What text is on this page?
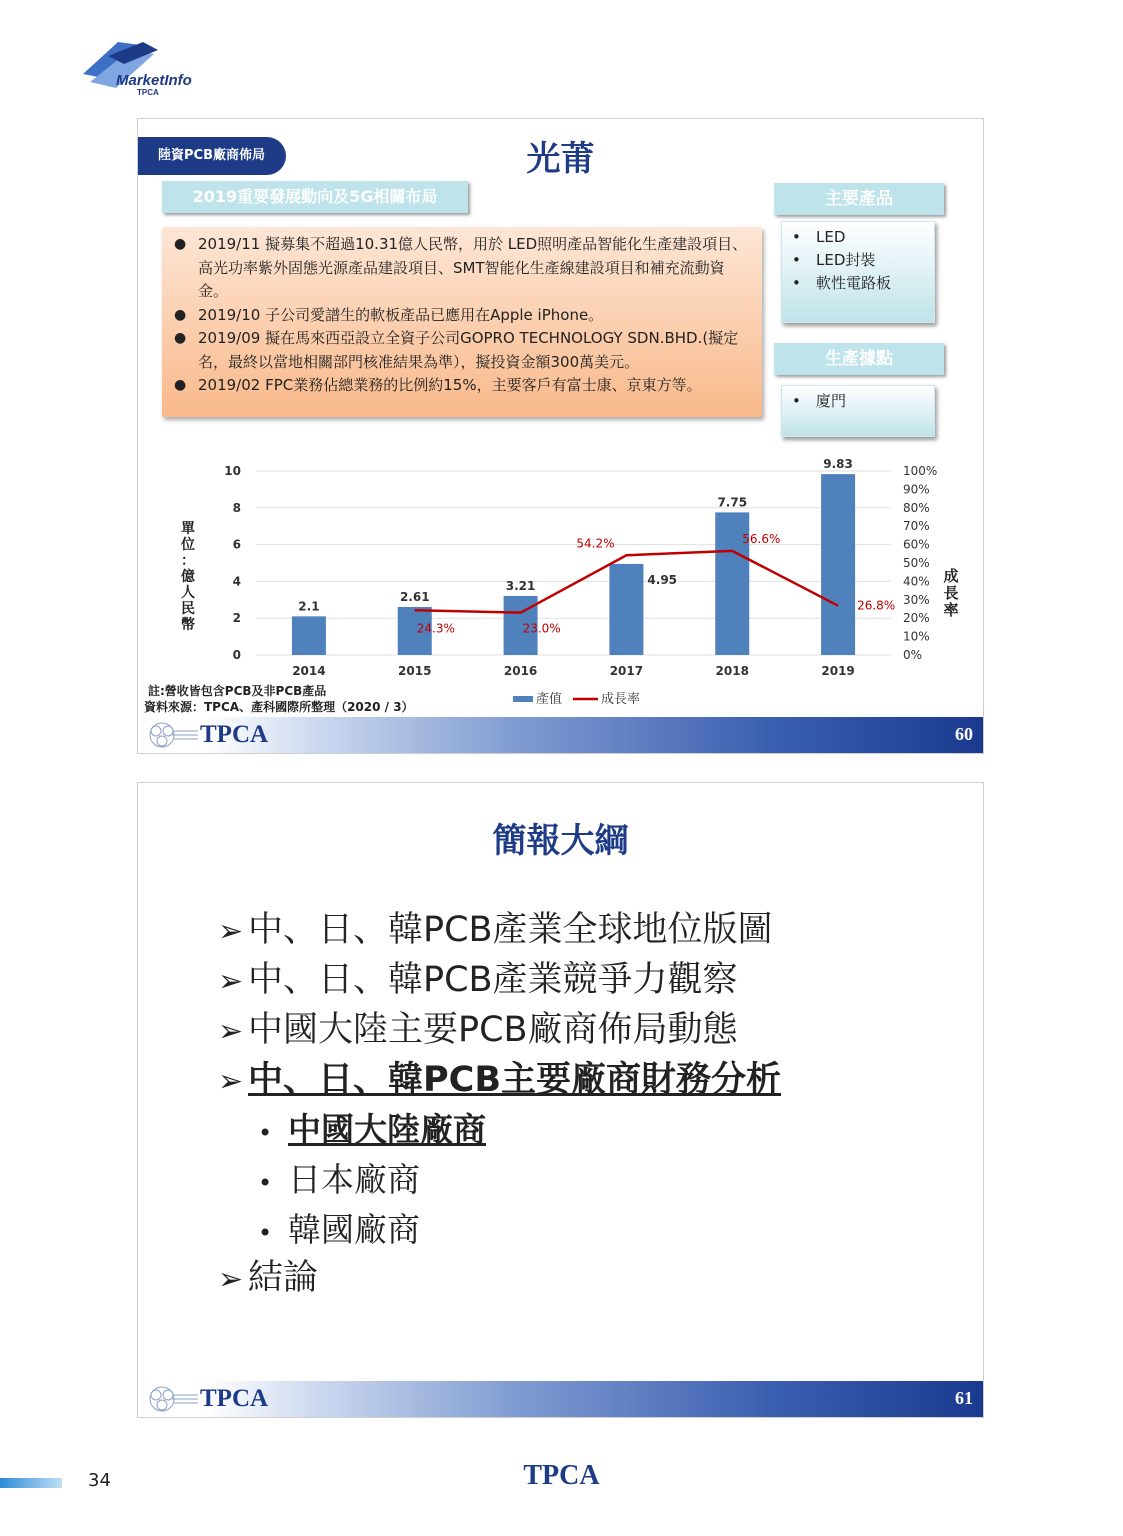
MarketInfo
TPCA
陸資PCB廠商佈局	光莆
2019重要發展動向及5G相關布局
● 2019/11 擬募集不超過10.31億人民幣，用於 LED照明產品智能化生產建設項目、高光功率紫外固態光源產品建設項目、SMT智能化生產線建設項目和補充流動資金。
● 2019/10 子公司愛譜生的軟板產品已應用在Apple iPhone。
● 2019/09 擬在馬來西亞設立全資子公司GOPRO TECHNOLOGY SDN.BHD.(擬定名，最終以當地相關部門核准結果為準），擬投資金額300萬美元。
● 2019/02 FPC業務佔總業務的比例約15%，主要客戶有富士康、京東方等。
主要產品
• LED
• LED封裝
• 軟性電路板
生產據點
• 廈門
0
2
4
6
8
10
0%
10%
20%
30%
40%
50%
60%
70%
80%
90%
100%
2.1
2.61
3.21	4.95
7.75
9.83
24.3%	23.0%
54.2%	56.6%
26.8%
2014	2015	2016	2017	2018	2019
單
位
：
億
人
民
幣
成
長
率
產值	成長率
註:營收皆包含PCB及非PCB產品
資料來源：TPCA、產科國際所整理（2020 / 3）
TPCA	60
簡報大綱
➢ 中、日、韓PCB產業全球地位版圖
➢ 中、日、韓PCB產業競爭力觀察
➢ 中國大陸主要PCB廠商佈局動態
➢ 中、日、韓PCB主要廠商財務分析
• 中國大陸廠商
• 日本廠商
• 韓國廠商
➢ 結論
TPCA	61
34	TPCA
